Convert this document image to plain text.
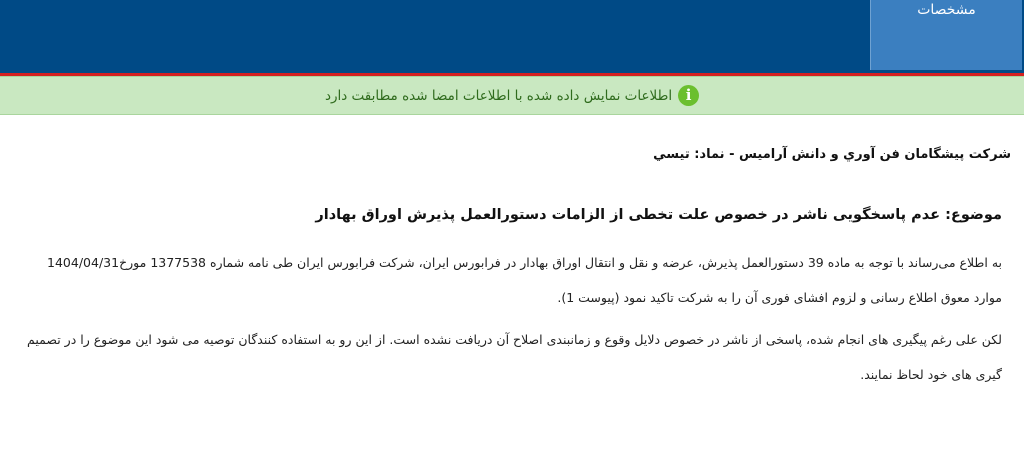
مشخصات
i
اطلاعات نمایش داده شده با اطلاعات امضا شده مطابقت دارد
شرکت پیشگامان فن آوري و دانش آرامیس - نماد: تیسي
موضوع: عدم پاسخگویی ناشر در خصوص علت تخطی از الزامات دستورالعمل پذیرش اوراق بهادار
به اطلاع می‌رساند با توجه به ماده 39 دستورالعمل پذیرش، عرضه و نقل و انتقال اوراق بهادار در فرابورس ایران، شرکت فرابورس ایران طی نامه شماره 1377538 مورخ1404/04/31 موارد معوق اطلاع رسانی و لزوم افشای فوری آن را به شرکت تاکید نمود (پیوست 1).
لکن علی رغم پیگیری های انجام شده، پاسخی از ناشر در خصوص دلایل وقوع و زمانبندی اصلاح آن دریافت نشده است. از این رو به استفاده کنندگان توصیه می شود این موضوع را در تصمیم گیری های خود لحاظ نمایند.
